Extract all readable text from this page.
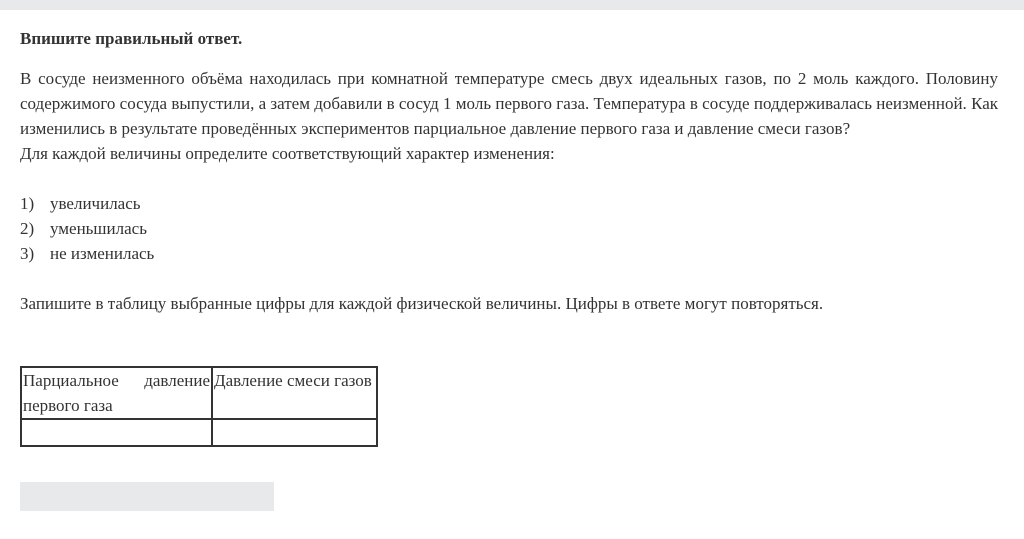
Впишите правильный ответ.

В сосуде неизменного объёма находилась при комнатной температуре смесь двух идеальных газов, по 2 моль каждого. Половину содержимого сосуда выпустили, а затем добавили в сосуд 1 моль первого газа. Температура в сосуде поддерживалась неизменной. Как изменились в результате проведённых экспериментов парциальное давление первого газа и давление смеси газов?

Для каждой величины определите соответствующий характер изменения:

1) увеличилась
2) уменьшилась
3) не изменилась

Запишите в таблицу выбранные цифры для каждой физической величины. Цифры в ответе могут повторяться.

Парциальное давление первого газа	Давление смеси газов
